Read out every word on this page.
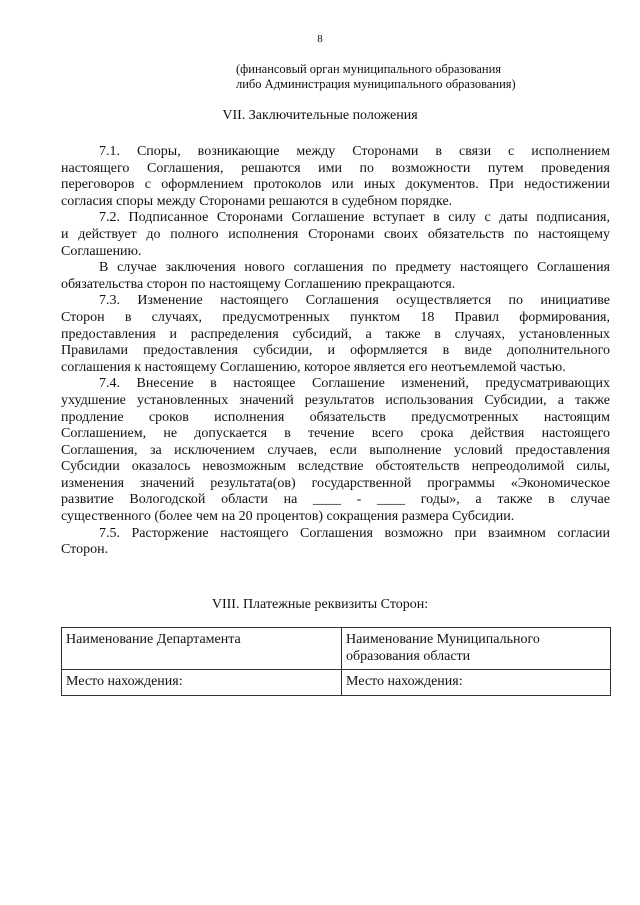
8
(финансовый орган муниципального образования
либо Администрация муниципального образования)
VII. Заключительные положения

7.1. Споры, возникающие между Сторонами в связи с исполнением
настоящего Соглашения, решаются ими по возможности путем проведения
переговоров с оформлением протоколов или иных документов. При недостижении
согласия споры между Сторонами решаются в судебном порядке.

7.2. Подписанное Сторонами Соглашение вступает в силу с даты подписания,
и действует до полного исполнения Сторонами своих обязательств по настоящему
Соглашению.

В случае заключения нового соглашения по предмету настоящего Соглашения
обязательства сторон по настоящему Соглашению прекращаются.

7.3. Изменение настоящего Соглашения осуществляется по инициативе
Сторон в случаях, предусмотренных пунктом 18 Правил формирования,
предоставления и распределения субсидий, а также в случаях, установленных
Правилами предоставления субсидии, и оформляется в виде дополнительного
соглашения к настоящему Соглашению, которое является его неотъемлемой частью.

7.4. Внесение в настоящее Соглашение изменений, предусматривающих
ухудшение установленных значений результатов использования Субсидии, а также
продление сроков исполнения обязательств предусмотренных настоящим
Соглашением, не допускается в течение всего срока действия настоящего
Соглашения, за исключением случаев, если выполнение условий предоставления
Субсидии оказалось невозможным вследствие обстоятельств непреодолимой силы,
изменения значений результата(ов) государственной программы «Экономическое
развитие Вологодской области на ____ - ____ годы», а также в случае
существенного (более чем на 20 процентов) сокращения размера Субсидии.

7.5. Расторжение настоящего Соглашения возможно при взаимном согласии
Сторон.

VIII. Платежные реквизиты Сторон:
Наименование Департамента	Наименование Муниципального образования области
Место нахождения:	Место нахождения:
